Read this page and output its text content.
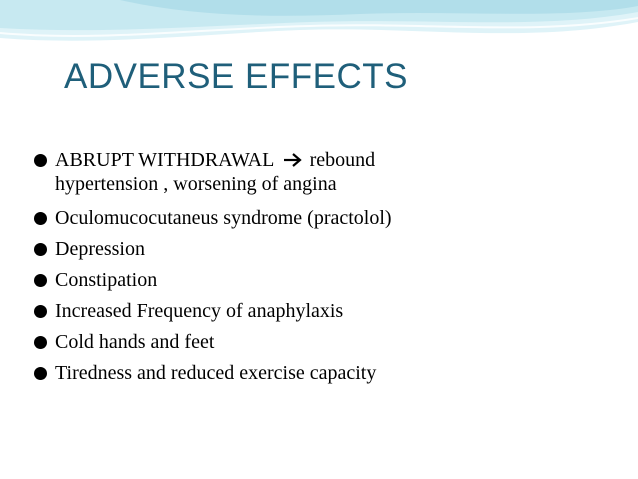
ADVERSE EFFECTS
ABRUPT WITHDRAWAL rebound
hypertension , worsening of angina
Oculomucocutaneus syndrome (practolol)
Depression
Constipation
Increased Frequency of anaphylaxis
Cold hands and feet
Tiredness and reduced exercise capacity
